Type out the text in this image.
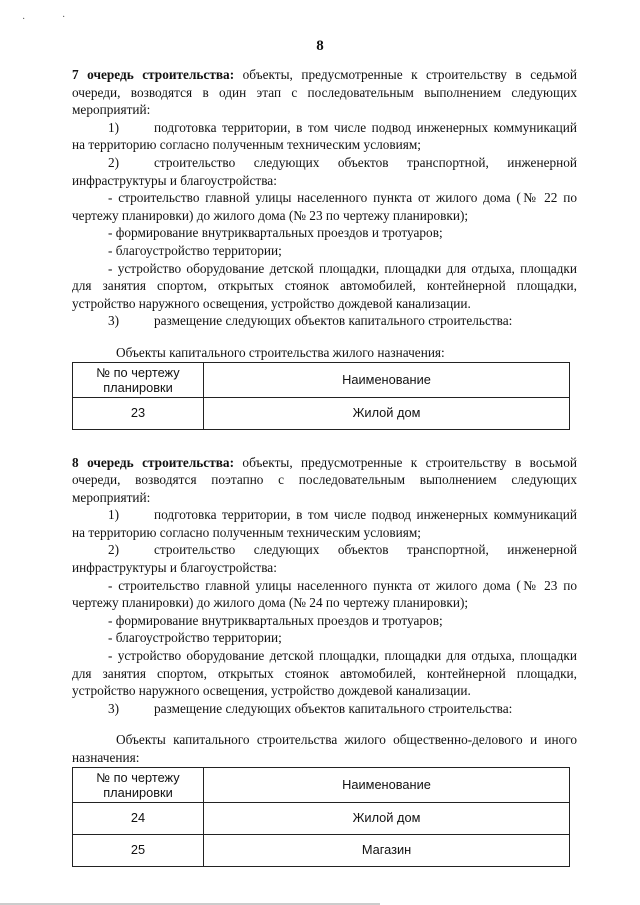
·	·
8

7 очередь строительства: объекты, предусмотренные к строительству в седьмой очереди, возводятся в один этап с последовательным выполнением следующих мероприятий:

1)	подготовка территории, в том числе подвод инженерных коммуникаций на территорию согласно полученным техническим условиям;

2)	строительство следующих объектов транспортной, инженерной инфраструктуры и благоустройства:

- строительство главной улицы населенного пункта от жилого дома (№ 22 по чертежу планировки) до жилого дома (№ 23 по чертежу планировки);

- формирование внутриквартальных проездов и тротуаров;

- благоустройство территории;

- устройство оборудование детской площадки, площадки для отдыха, площадки для занятия спортом, открытых стоянок автомобилей, контейнерной площадки, устройство наружного освещения, устройство дождевой канализации.

3)	размещение следующих объектов капитального строительства:

Объекты капитального строительства жилого назначения:

№ по чертежу планировки	Наименование
23	Жилой дом

8 очередь строительства: объекты, предусмотренные к строительству в восьмой очереди, возводятся поэтапно с последовательным выполнением следующих мероприятий:

1)	подготовка территории, в том числе подвод инженерных коммуникаций на территорию согласно полученным техническим условиям;

2)	строительство следующих объектов транспортной, инженерной инфраструктуры и благоустройства:

- строительство главной улицы населенного пункта от жилого дома (№ 23 по чертежу планировки) до жилого дома (№ 24 по чертежу планировки);

- формирование внутриквартальных проездов и тротуаров;

- благоустройство территории;

- устройство оборудование детской площадки, площадки для отдыха, площадки для занятия спортом, открытых стоянок автомобилей, контейнерной площадки, устройство наружного освещения, устройство дождевой канализации.

3)	размещение следующих объектов капитального строительства:

Объекты капитального строительства жилого общественно-делового и иного назначения:

№ по чертежу планировки	Наименование
24	Жилой дом
25	Магазин
